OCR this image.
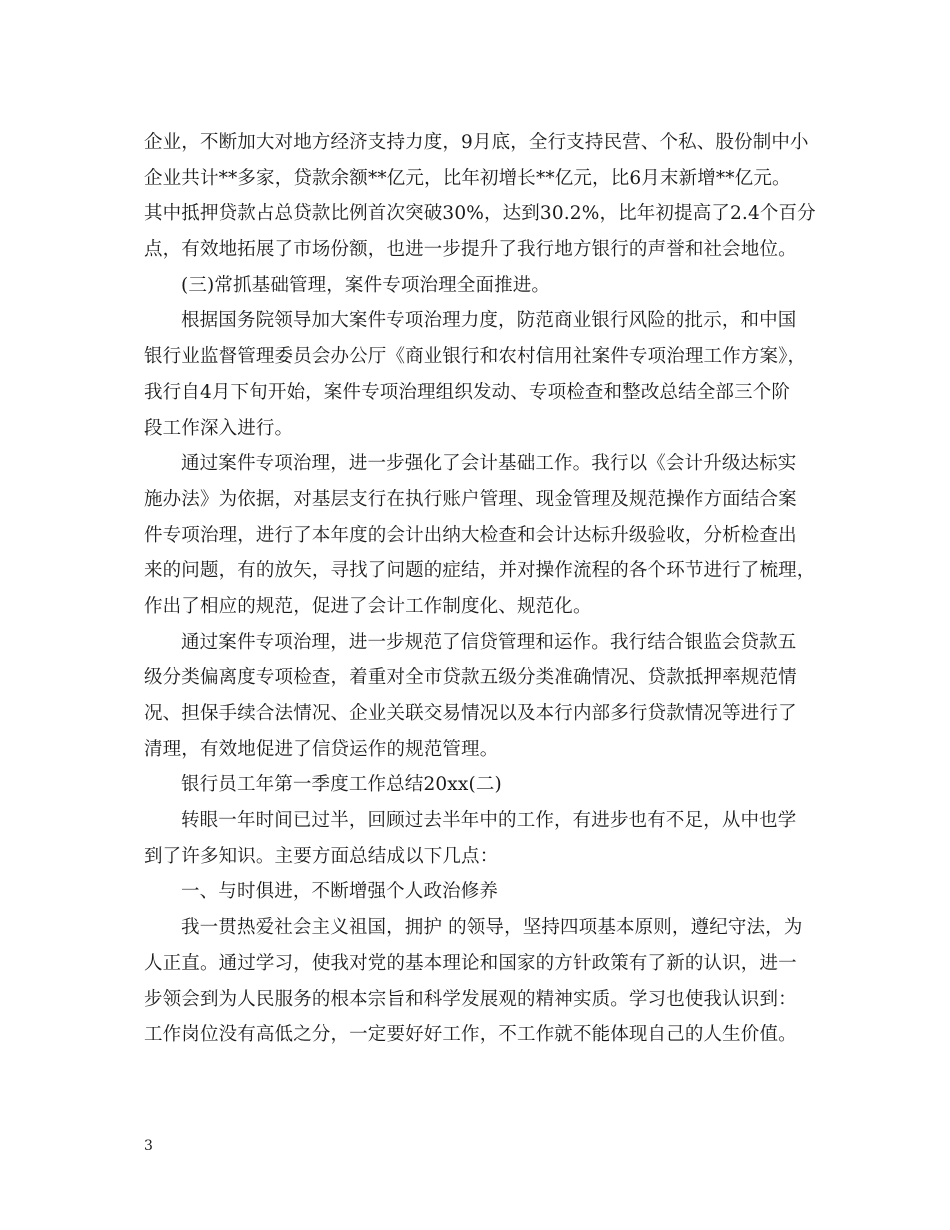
企业，不断加大对地方经济支持力度，9月底，全行支持民营、个私、股份制中小
企业共计**多家，贷款余额**亿元，比年初增长**亿元，比6月末新增**亿元。
其中抵押贷款占总贷款比例首次突破30%，达到30.2%，比年初提高了2.4个百分
点，有效地拓展了市场份额，也进一步提升了我行地方银行的声誉和社会地位。
(三)常抓基础管理，案件专项治理全面推进。
根据国务院领导加大案件专项治理力度，防范商业银行风险的批示，和中国
银行业监督管理委员会办公厅《商业银行和农村信用社案件专项治理工作方案》，
我行自4月下旬开始，案件专项治理组织发动、专项检查和整改总结全部三个阶
段工作深入进行。
通过案件专项治理，进一步强化了会计基础工作。我行以《会计升级达标实
施办法》为依据，对基层支行在执行账户管理、现金管理及规范操作方面结合案
件专项治理，进行了本年度的会计出纳大检查和会计达标升级验收，分析检查出
来的问题，有的放矢，寻找了问题的症结，并对操作流程的各个环节进行了梳理，
作出了相应的规范，促进了会计工作制度化、规范化。
通过案件专项治理，进一步规范了信贷管理和运作。我行结合银监会贷款五
级分类偏离度专项检查，着重对全市贷款五级分类准确情况、贷款抵押率规范情
况、担保手续合法情况、企业关联交易情况以及本行内部多行贷款情况等进行了
清理，有效地促进了信贷运作的规范管理。
银行员工年第一季度工作总结20xx(二)
转眼一年时间已过半，回顾过去半年中的工作，有进步也有不足，从中也学
到了许多知识。主要方面总结成以下几点：
一、与时俱进，不断增强个人政治修养
我一贯热爱社会主义祖国，拥护 的领导，坚持四项基本原则，遵纪守法，为
人正直。通过学习，使我对党的基本理论和国家的方针政策有了新的认识，进一
步领会到为人民服务的根本宗旨和科学发展观的精神实质。学习也使我认识到：
工作岗位没有高低之分，一定要好好工作，不工作就不能体现自己的人生价值。
3
